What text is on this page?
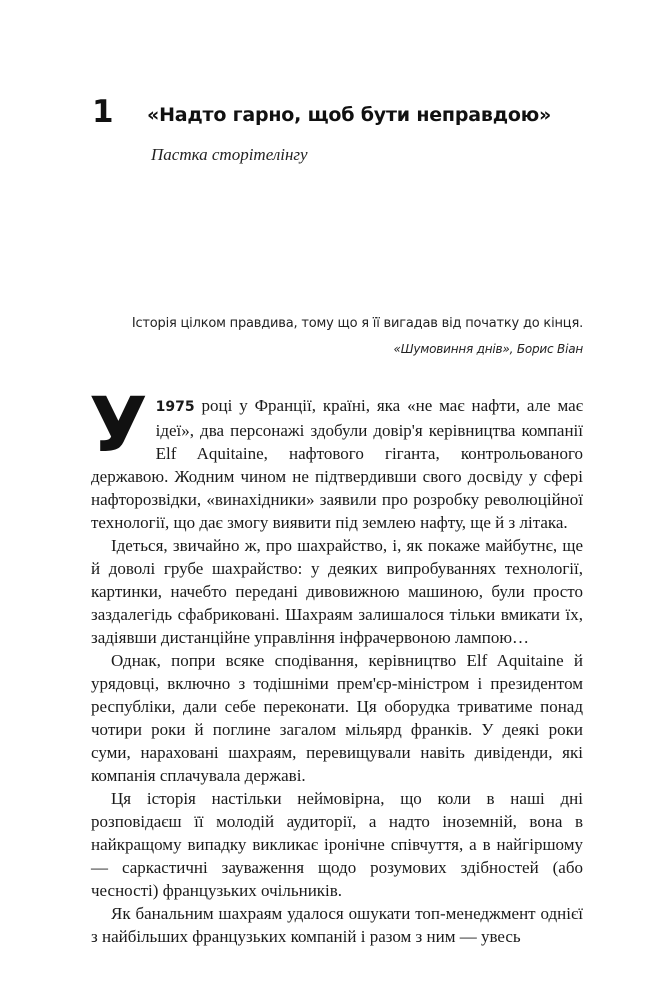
1 «Надто гарно, щоб бути неправдою»
Пастка сторітелінгу
Історія цілком правдива, тому що я її вигадав від початку до кінця.
«Шумовиння днів», Борис Віан

У 1975 році у Франції, країні, яка «не має нафти, але має ідеї», два персонажі здобули довір'я керівництва компанії Elf Aquitaine, нафтового гіганта, контрольованого державою. Жодним чином не підтвердивши свого досвіду у сфері нафторозвідки, «винахідники» заявили про розробку революційної технології, що дає змогу виявити під землею нафту, ще й з літака.

Ідеться, звичайно ж, про шахрайство, і, як покаже майбутнє, ще й доволі грубе шахрайство: у деяких випробуваннях технології, картинки, начебто передані дивовижною машиною, були просто заздалегідь сфабриковані. Шахраям залишалося тільки вмикати їх, задіявши дистанційне управління інфрачервоною лампою…

Однак, попри всяке сподівання, керівництво Elf Aquitaine й урядовці, включно з тодішніми прем'єр-міністром і президентом республіки, дали себе переконати. Ця оборудка триватиме понад чотири роки й поглине загалом мільярд франків. У деякі роки суми, нараховані шахраям, перевищували навіть дивіденди, які компанія сплачувала державі.

Ця історія настільки неймовірна, що коли в наші дні розповідаєш її молодій аудиторії, а надто іноземній, вона в найкращому випадку викликає іронічне співчуття, а в найгіршому — саркастичні зауваження щодо розумових здібностей (або чесності) французьких очільників.

Як банальним шахраям удалося ошукати топ-менеджмент однієї з найбільших французьких компаній і разом з ним — увесь
